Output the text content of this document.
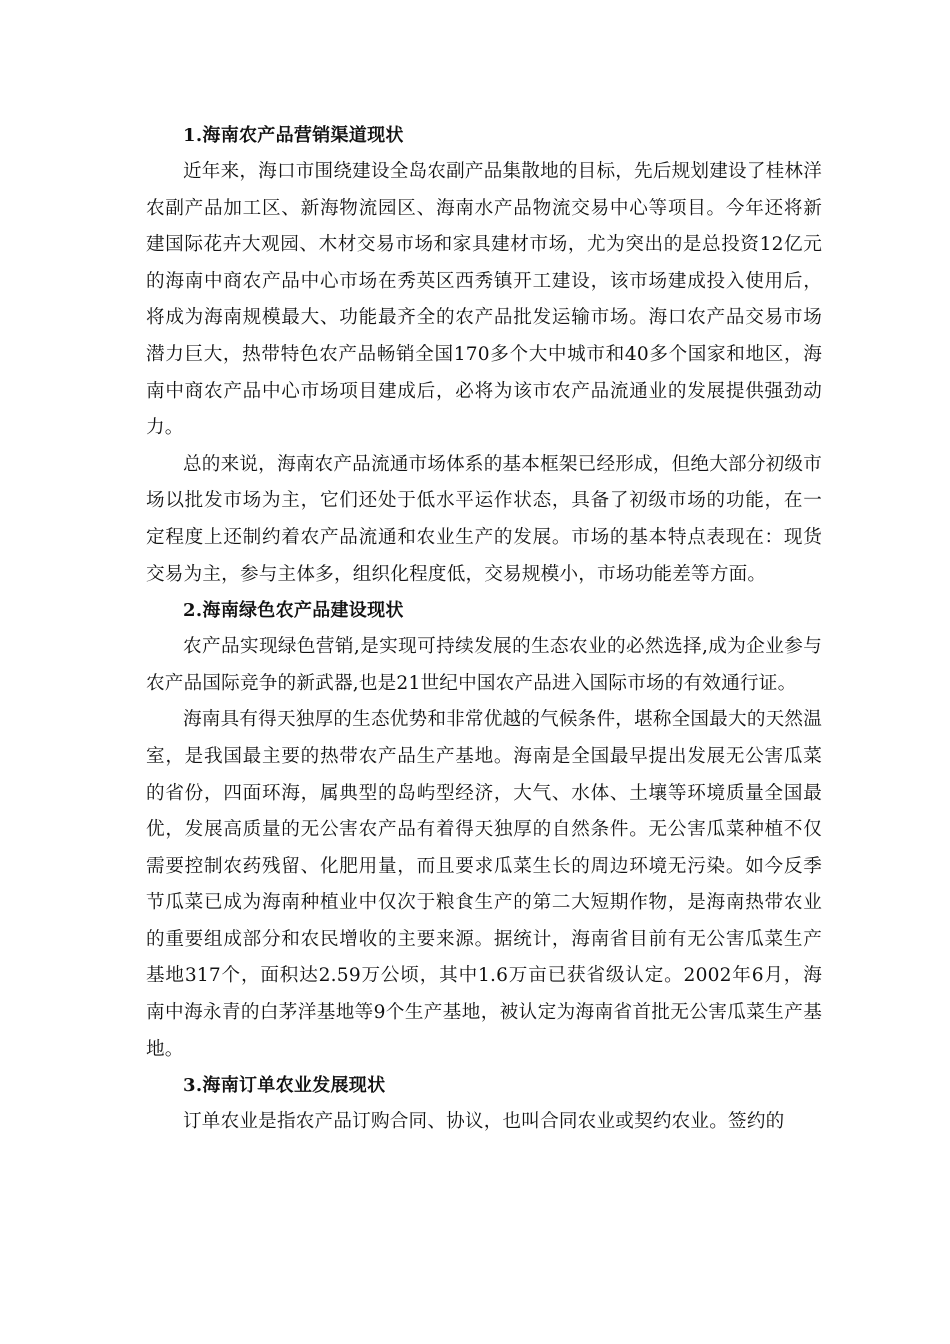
1.海南农产品营销渠道现状

近年来，海口市围绕建设全岛农副产品集散地的目标，先后规划建设了桂林洋农副产品加工区、新海物流园区、海南水产品物流交易中心等项目。今年还将新建国际花卉大观园、木材交易市场和家具建材市场，尤为突出的是总投资12亿元的海南中商农产品中心市场在秀英区西秀镇开工建设，该市场建成投入使用后，将成为海南规模最大、功能最齐全的农产品批发运输市场。海口农产品交易市场潜力巨大，热带特色农产品畅销全国170多个大中城市和40多个国家和地区，海南中商农产品中心市场项目建成后，必将为该市农产品流通业的发展提供强劲动力。

总的来说，海南农产品流通市场体系的基本框架已经形成，但绝大部分初级市场以批发市场为主，它们还处于低水平运作状态，具备了初级市场的功能，在一定程度上还制约着农产品流通和农业生产的发展。市场的基本特点表现在：现货交易为主，参与主体多，组织化程度低，交易规模小，市场功能差等方面。

2.海南绿色农产品建设现状

农产品实现绿色营销,是实现可持续发展的生态农业的必然选择,成为企业参与农产品国际竞争的新武器,也是21世纪中国农产品进入国际市场的有效通行证。

海南具有得天独厚的生态优势和非常优越的气候条件，堪称全国最大的天然温室，是我国最主要的热带农产品生产基地。海南是全国最早提出发展无公害瓜菜的省份，四面环海，属典型的岛屿型经济，大气、水体、土壤等环境质量全国最优，发展高质量的无公害农产品有着得天独厚的自然条件。无公害瓜菜种植不仅需要控制农药残留、化肥用量，而且要求瓜菜生长的周边环境无污染。如今反季节瓜菜已成为海南种植业中仅次于粮食生产的第二大短期作物，是海南热带农业的重要组成部分和农民增收的主要来源。据统计，海南省目前有无公害瓜菜生产基地317个，面积达2.59万公顷，其中1.6万亩已获省级认定。2002年6月，海南中海永青的白茅洋基地等9个生产基地，被认定为海南省首批无公害瓜菜生产基地。

3.海南订单农业发展现状

订单农业是指农产品订购合同、协议，也叫合同农业或契约农业。签约的
